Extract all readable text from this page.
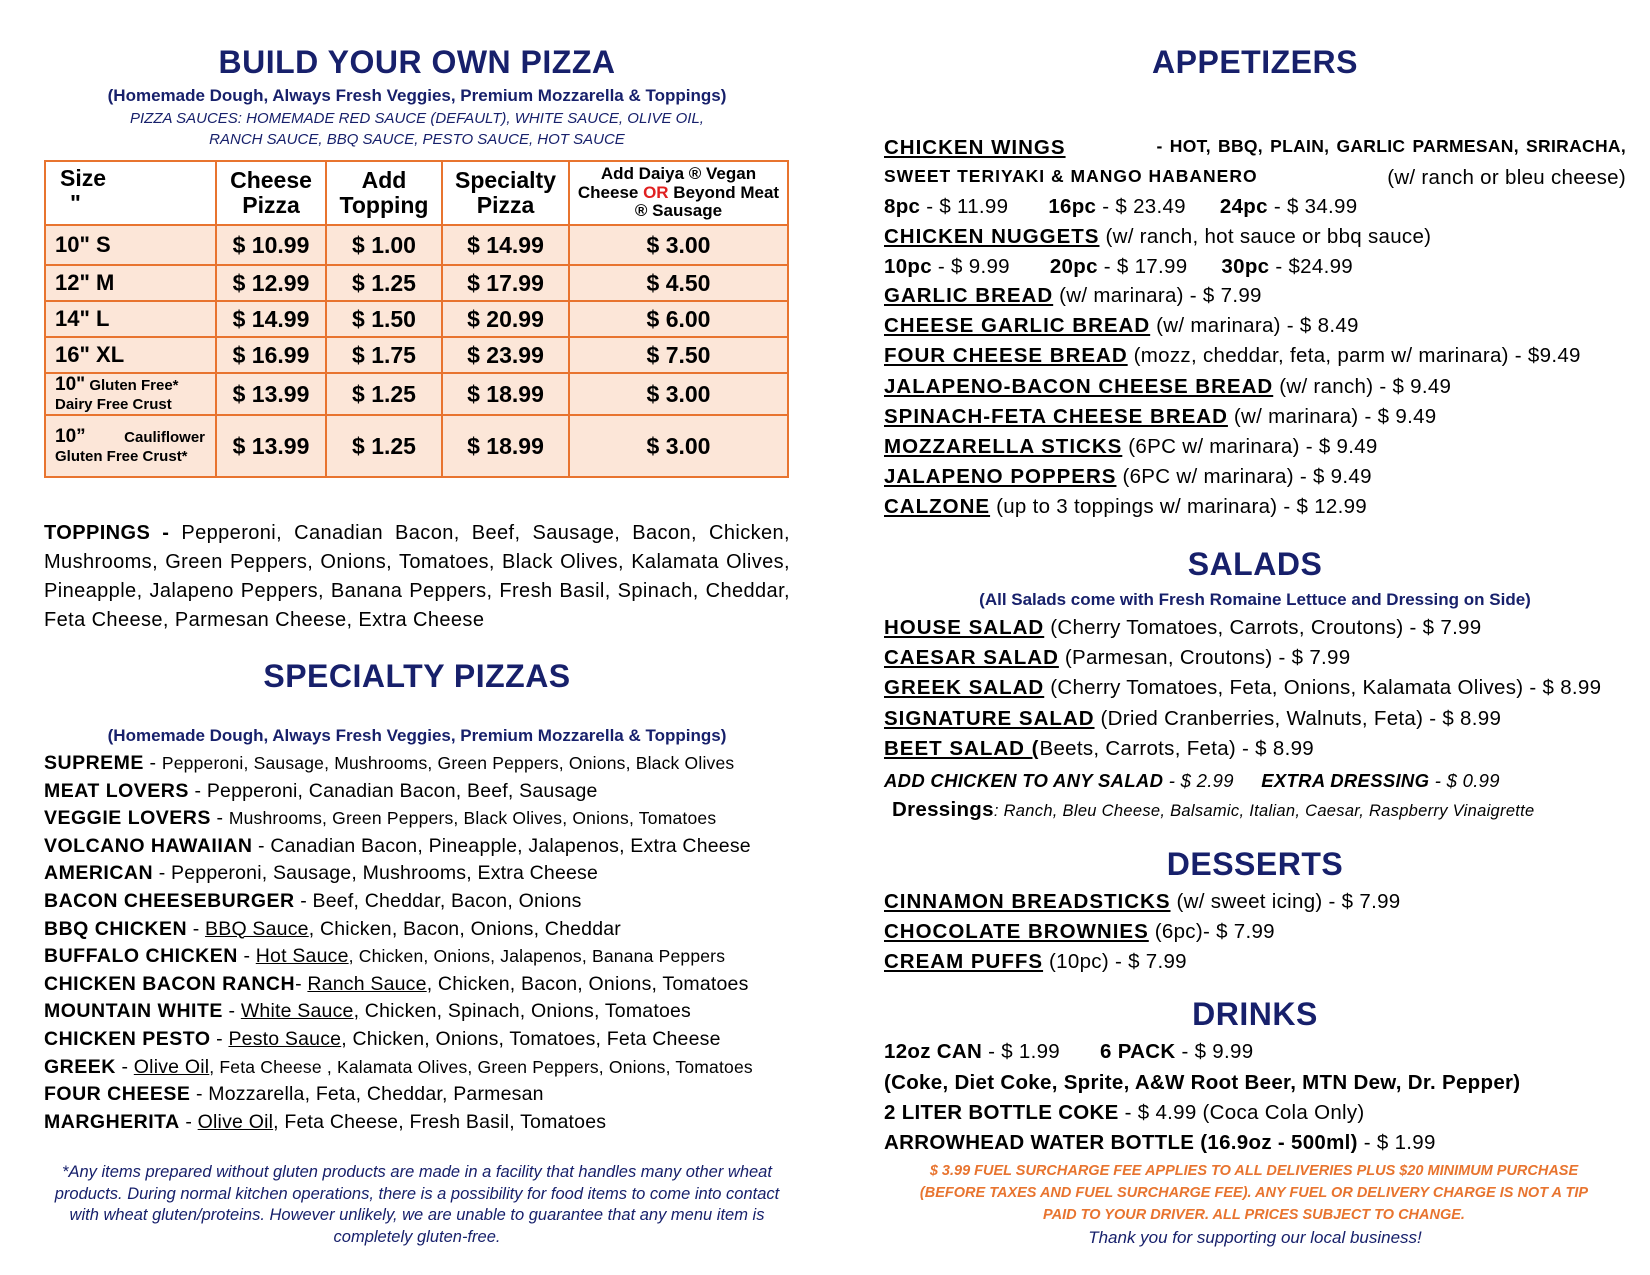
BUILD YOUR OWN PIZZA
(Homemade Dough, Always Fresh Veggies, Premium Mozzarella & Toppings)
PIZZA SAUCES: HOMEMADE RED SAUCE (DEFAULT), WHITE SAUCE, OLIVE OIL,
RANCH SAUCE, BBQ SAUCE, PESTO SAUCE, HOT SAUCE
Size
"	Cheese Pizza	Add Topping	Specialty Pizza	Add Daiya ® Vegan Cheese OR Beyond Meat ® Sausage
10" S	$ 10.99	$ 1.00	$ 14.99	$ 3.00
12" M	$ 12.99	$ 1.25	$ 17.99	$ 4.50
14" L	$ 14.99	$ 1.50	$ 20.99	$ 6.00
16" XL	$ 16.99	$ 1.75	$ 23.99	$ 7.50
10" Gluten Free* Dairy Free Crust	$ 13.99	$ 1.25	$ 18.99	$ 3.00
10” Cauliflower Gluten Free Crust*	$ 13.99	$ 1.25	$ 18.99	$ 3.00
TOPPINGS - Pepperoni, Canadian Bacon, Beef, Sausage, Bacon, Chicken, Mushrooms, Green Peppers, Onions, Tomatoes, Black Olives, Kalamata Olives, Pineapple, Jalapeno Peppers, Banana Peppers, Fresh Basil, Spinach, Cheddar, Feta Cheese, Parmesan Cheese, Extra Cheese
SPECIALTY PIZZAS
(Homemade Dough, Always Fresh Veggies, Premium Mozzarella & Toppings)
SUPREME - Pepperoni, Sausage, Mushrooms, Green Peppers, Onions, Black Olives
MEAT LOVERS - Pepperoni, Canadian Bacon, Beef, Sausage
VEGGIE LOVERS - Mushrooms, Green Peppers, Black Olives, Onions, Tomatoes
VOLCANO HAWAIIAN - Canadian Bacon, Pineapple, Jalapenos, Extra Cheese
AMERICAN - Pepperoni, Sausage, Mushrooms, Extra Cheese
BACON CHEESEBURGER - Beef, Cheddar, Bacon, Onions
BBQ CHICKEN - BBQ Sauce, Chicken, Bacon, Onions, Cheddar
BUFFALO CHICKEN - Hot Sauce, Chicken, Onions, Jalapenos, Banana Peppers
CHICKEN BACON RANCH- Ranch Sauce, Chicken, Bacon, Onions, Tomatoes
MOUNTAIN WHITE - White Sauce, Chicken, Spinach, Onions, Tomatoes
CHICKEN PESTO - Pesto Sauce, Chicken, Onions, Tomatoes, Feta Cheese
GREEK - Olive Oil, Feta Cheese , Kalamata Olives, Green Peppers, Onions, Tomatoes
FOUR CHEESE - Mozzarella, Feta, Cheddar, Parmesan
MARGHERITA - Olive Oil, Feta Cheese, Fresh Basil, Tomatoes
*Any items prepared without gluten products are made in a facility that handles many other wheat products. During normal kitchen operations, there is a possibility for food items to come into contact with wheat gluten/proteins. However unlikely, we are unable to guarantee that any menu item is completely gluten-free.
APPETIZERS
CHICKEN WINGS	- HOT, BBQ, PLAIN, GARLIC PARMESAN, SRIRACHA,
SWEET TERIYAKI & MANGO HABANERO	(w/ ranch or bleu cheese)
8pc - $ 11.99 16pc - $ 23.49 24pc - $ 34.99
CHICKEN NUGGETS (w/ ranch, hot sauce or bbq sauce)
10pc - $ 9.99 20pc - $ 17.99 30pc - $24.99
GARLIC BREAD (w/ marinara) - $ 7.99
CHEESE GARLIC BREAD (w/ marinara) - $ 8.49
FOUR CHEESE BREAD (mozz, cheddar, feta, parm w/ marinara) - $9.49
JALAPENO-BACON CHEESE BREAD (w/ ranch) - $ 9.49
SPINACH-FETA CHEESE BREAD (w/ marinara) - $ 9.49
MOZZARELLA STICKS (6PC w/ marinara) - $ 9.49
JALAPENO POPPERS (6PC w/ marinara) - $ 9.49
CALZONE (up to 3 toppings w/ marinara) - $ 12.99
SALADS
(All Salads come with Fresh Romaine Lettuce and Dressing on Side)
HOUSE SALAD (Cherry Tomatoes, Carrots, Croutons) - $ 7.99
CAESAR SALAD (Parmesan, Croutons) - $ 7.99
GREEK SALAD (Cherry Tomatoes, Feta, Onions, Kalamata Olives) - $ 8.99
SIGNATURE SALAD (Dried Cranberries, Walnuts, Feta) - $ 8.99
BEET SALAD (Beets, Carrots, Feta) - $ 8.99
ADD CHICKEN TO ANY SALAD - $ 2.99 EXTRA DRESSING - $ 0.99
Dressings: Ranch, Bleu Cheese, Balsamic, Italian, Caesar, Raspberry Vinaigrette
DESSERTS
CINNAMON BREADSTICKS (w/ sweet icing) - $ 7.99
CHOCOLATE BROWNIES (6pc)- $ 7.99
CREAM PUFFS (10pc) - $ 7.99
DRINKS
12oz CAN - $ 1.99 6 PACK - $ 9.99
(Coke, Diet Coke, Sprite, A&W Root Beer, MTN Dew, Dr. Pepper)
2 LITER BOTTLE COKE - $ 4.99 (Coca Cola Only)
ARROWHEAD WATER BOTTLE (16.9oz - 500ml) - $ 1.99
$ 3.99 FUEL SURCHARGE FEE APPLIES TO ALL DELIVERIES PLUS $20 MINIMUM PURCHASE (BEFORE TAXES AND FUEL SURCHARGE FEE). ANY FUEL OR DELIVERY CHARGE IS NOT A TIP PAID TO YOUR DRIVER. ALL PRICES SUBJECT TO CHANGE.
Thank you for supporting our local business!
